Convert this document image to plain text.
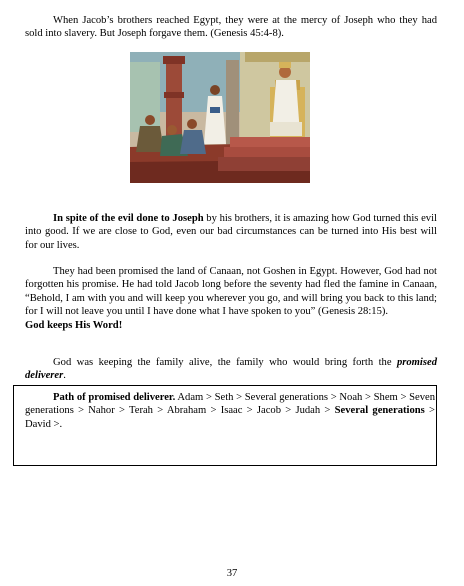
When Jacob’s brothers reached Egypt, they were at the mercy of Joseph who they had sold into slavery. But Joseph forgave them. (Genesis 45:4-8).

In spite of the evil done to Joseph by his brothers, it is amazing how God turned this evil into good. If we are close to God, even our bad circumstances can be turned into His best will for our lives.

They had been promised the land of Canaan, not Goshen in Egypt. However, God had not forgotten his promise. He had told Jacob long before the seventy had fled the famine in Canaan, “Behold, I am with you and will keep you wherever you go, and will bring you back to this land; for I will not leave you until I have done what I have spoken to you” (Genesis 28:15).
God keeps His Word!

God was keeping the family alive, the family who would bring forth the promised deliverer.

Path of promised deliverer. Adam > Seth > Several generations > Noah > Shem > Seven generations > Nahor > Terah > Abraham > Isaac > Jacob > Judah > Several generations > David >.

37
